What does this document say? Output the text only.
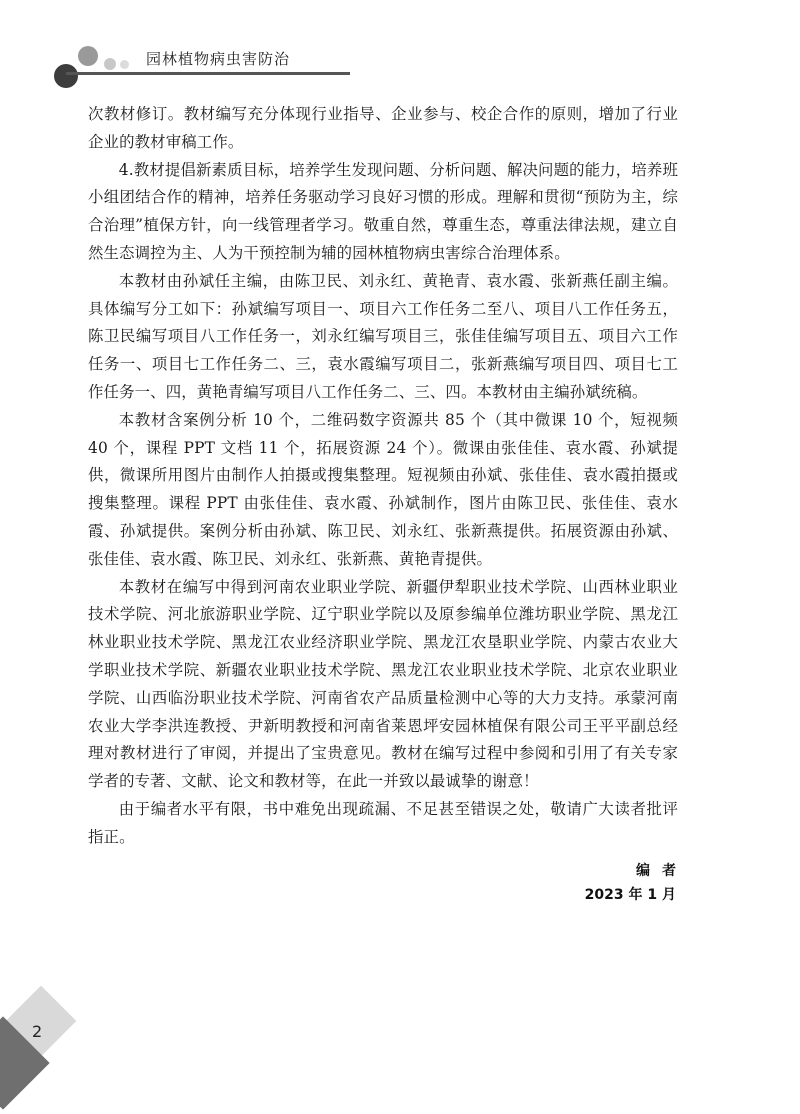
园林植物病虫害防治

次教材修订。教材编写充分体现行业指导、企业参与、校企合作的原则，增加了行业企业的教材审稿工作。

4.教材提倡新素质目标，培养学生发现问题、分析问题、解决问题的能力，培养班小组团结合作的精神，培养任务驱动学习良好习惯的形成。理解和贯彻“预防为主，综合治理”植保方针，向一线管理者学习。敬重自然，尊重生态，尊重法律法规，建立自然生态调控为主、人为干预控制为辅的园林植物病虫害综合治理体系。

本教材由孙斌任主编，由陈卫民、刘永红、黄艳青、袁水霞、张新燕任副主编。具体编写分工如下：孙斌编写项目一、项目六工作任务二至八、项目八工作任务五，陈卫民编写项目八工作任务一，刘永红编写项目三，张佳佳编写项目五、项目六工作任务一、项目七工作任务二、三，袁水霞编写项目二，张新燕编写项目四、项目七工作任务一、四，黄艳青编写项目八工作任务二、三、四。本教材由主编孙斌统稿。

本教材含案例分析 10 个，二维码数字资源共 85 个（其中微课 10 个，短视频 40 个，课程 PPT 文档 11 个，拓展资源 24 个）。微课由张佳佳、袁水霞、孙斌提供，微课所用图片由制作人拍摄或搜集整理。短视频由孙斌、张佳佳、袁水霞拍摄或搜集整理。课程 PPT 由张佳佳、袁水霞、孙斌制作，图片由陈卫民、张佳佳、袁水霞、孙斌提供。案例分析由孙斌、陈卫民、刘永红、张新燕提供。拓展资源由孙斌、张佳佳、袁水霞、陈卫民、刘永红、张新燕、黄艳青提供。

本教材在编写中得到河南农业职业学院、新疆伊犁职业技术学院、山西林业职业技术学院、河北旅游职业学院、辽宁职业学院以及原参编单位潍坊职业学院、黑龙江林业职业技术学院、黑龙江农业经济职业学院、黑龙江农垦职业学院、内蒙古农业大学职业技术学院、新疆农业职业技术学院、黑龙江农业职业技术学院、北京农业职业学院、山西临汾职业技术学院、河南省农产品质量检测中心等的大力支持。承蒙河南农业大学李洪连教授、尹新明教授和河南省莱恩坪安园林植保有限公司王平平副总经理对教材进行了审阅，并提出了宝贵意见。教材在编写过程中参阅和引用了有关专家学者的专著、文献、论文和教材等，在此一并致以最诚挚的谢意！

由于编者水平有限，书中难免出现疏漏、不足甚至错误之处，敬请广大读者批评指正。

编者
2023 年 1 月
2
